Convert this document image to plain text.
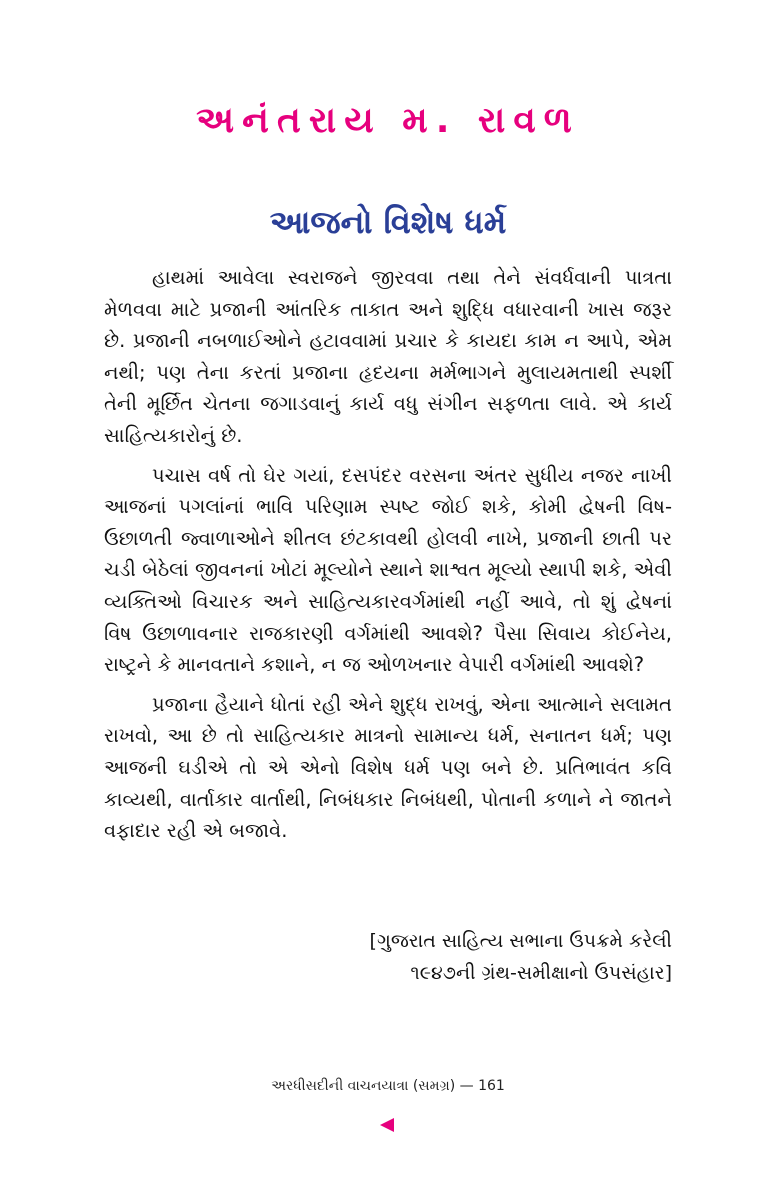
અનંતરાય મ. રાવળ
આજનો વિશેષ ધર્મ

હાથમાં આવેલા સ્વરાજને જીરવવા તથા તેને સંવર્ધવાની પાત્રતા મેળવવા માટે પ્રજાની આંતરિક તાકાત અને શુદ્ધિ વધારવાની ખાસ જરૂર છે. પ્રજાની નબળાઈઓને હટાવવામાં પ્રચાર કે કાયદા કામ ન આપે, એમ નથી; પણ તેના કરતાં પ્રજાના હૃદયના મર્મભાગને મુલાયમતાથી સ્પર્શી તેની મૂર્છિત ચેતના જગાડવાનું કાર્ય વધુ સંગીન સફળતા લાવે. એ કાર્ય સાહિત્યકારોનું છે.

પચાસ વર્ષ તો ઘેર ગયાં, દસપંદર વરસના અંતર સુધીય નજર નાખી આજનાં પગલાંનાં ભાવિ પરિણામ સ્પષ્ટ જોઈ શકે, કોમી દ્વેષની વિષ-ઉછાળતી જ્વાળાઓને શીતલ છંટકાવથી હોલવી નાખે, પ્રજાની છાતી પર ચડી બેઠેલાં જીવનનાં ખોટાં મૂલ્યોને સ્થાને શાશ્વત મૂલ્યો સ્થાપી શકે, એવી વ્યક્તિઓ વિચારક અને સાહિત્યકારવર્ગમાંથી નહીં આવે, તો શું દ્વેષનાં વિષ ઉછાળાવનાર રાજકારણી વર્ગમાંથી આવશે? પૈસા સિવાય કોઈનેય, રાષ્ટ્રને કે માનવતાને કશાને, ન જ ઓળખનાર વેપારી વર્ગમાંથી આવશે?

પ્રજાના હૈયાને ધોતાં રહી એને શુદ્ધ રાખવું, એના આત્માને સલામત રાખવો, આ છે તો સાહિત્યકાર માત્રનો સામાન્ય ધર્મ, સનાતન ધર્મ; પણ આજની ઘડીએ તો એ એનો વિશેષ ધર્મ પણ બને છે. પ્રતિભાવંત કવિ કાવ્યથી, વાર્તાકાર વાર્તાથી, નિબંધકાર નિબંધથી, પોતાની કળાને ને જાતને વફાદાર રહી એ બજાવે.

[ગુજરાત સાહિત્ય સભાના ઉપક્રમે કરેલી
૧૯૪૭ની ગ્રંથ-સમીક્ષાનો ઉપસંહાર]
અરધીસદીની વાચનયાત્રા (સમગ્ર) — 161
